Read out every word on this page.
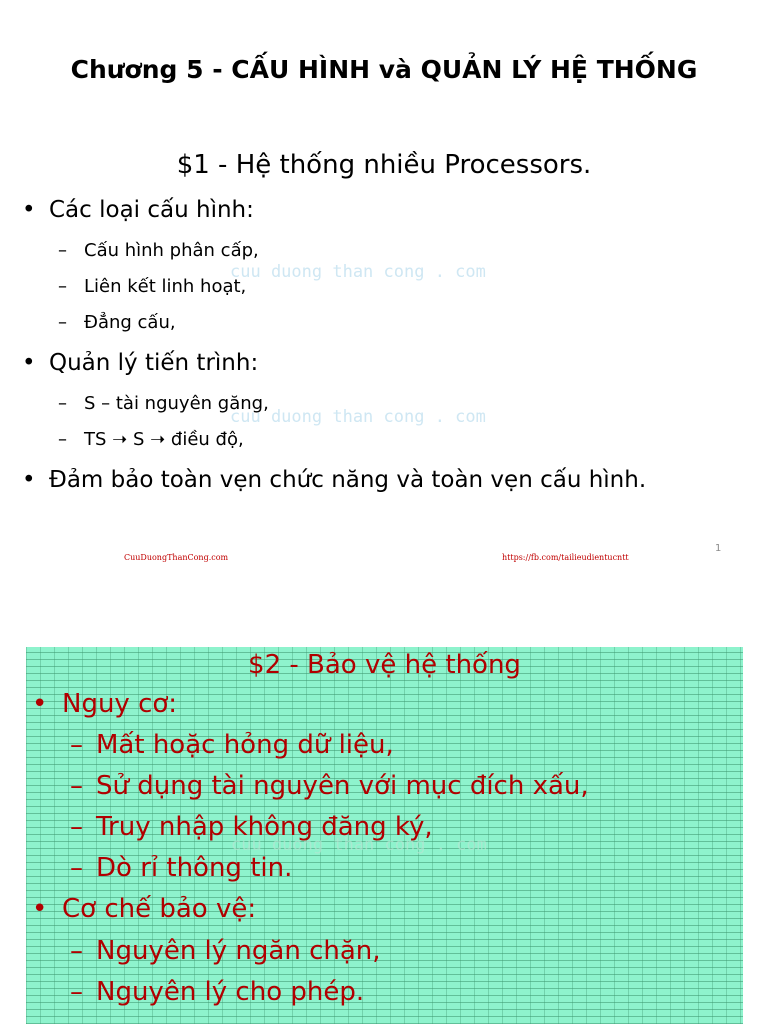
Chương 5 - CẤU HÌNH và QUẢN LÝ HỆ THỐNG
$1 - Hệ thống nhiều Processors.
• Các loại cấu hình:
– Cấu hình phân cấp,
– Liên kết linh hoạt,
– Đẳng cấu,
• Quản lý tiến trình:
– S – tài nguyên găng,
– TS ➝ S ➝ điều độ,
• Đảm bảo toàn vẹn chức năng và toàn vẹn cấu hình.
cuu duong than cong . com
cuu duong than cong . com
CuuDuongThanCong.com	https://fb.com/tailieudientucntt
1
$2 - Bảo vệ hệ thống
• Nguy cơ:
– Mất hoặc hỏng dữ liệu,
– Sử dụng tài nguyên với mục đích xấu,
– Truy nhập không đăng ký,
– Dò rỉ thông tin.
• Cơ chế bảo vệ:
– Nguyên lý ngăn chặn,
– Nguyên lý cho phép.
cuu duong than cong . com
